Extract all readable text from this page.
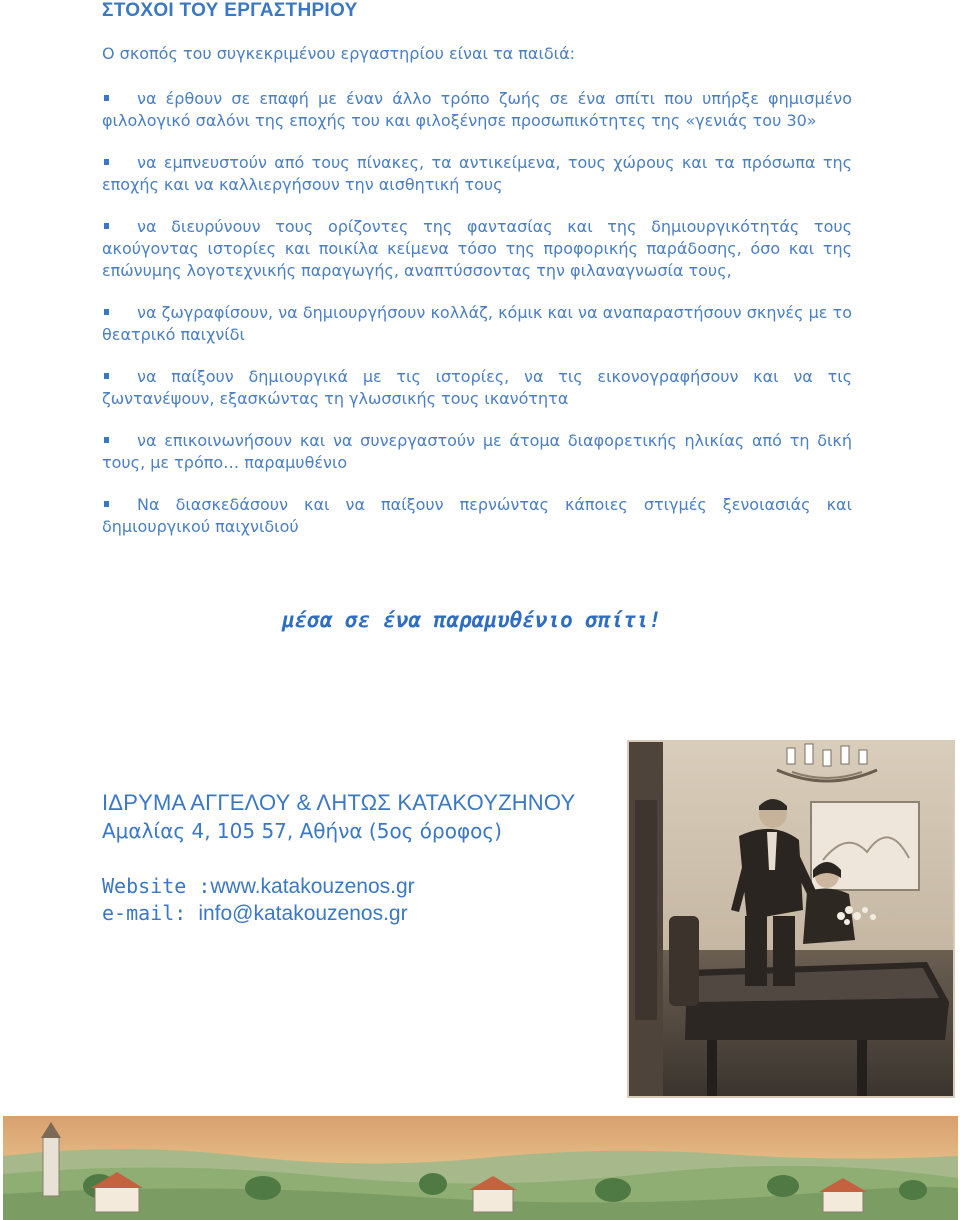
ΣΤΟΧΟΙ ΤΟΥ ΕΡΓΑΣΤΗΡΙΟΥ

Ο σκοπός του συγκεκριμένου εργαστηρίου είναι τα παιδιά:

να έρθουν σε επαφή με έναν άλλο τρόπο ζωής σε ένα σπίτι που υπήρξε φημισμένο φιλολογικό σαλόνι της εποχής του και φιλοξένησε προσωπικότητες της «γενιάς του 30»
να εμπνευστούν από τους πίνακες, τα αντικείμενα, τους χώρους και τα πρόσωπα της εποχής και να καλλιεργήσουν την αισθητική τους
να διευρύνουν τους ορίζοντες της φαντασίας και της δημιουργικότητάς τους ακούγοντας ιστορίες και ποικίλα κείμενα τόσο της προφορικής παράδοσης, όσο και της επώνυμης λογοτεχνικής παραγωγής, αναπτύσσοντας την φιλαναγνωσία τους,
να ζωγραφίσουν, να δημιουργήσουν κολλάζ, κόμικ και να αναπαραστήσουν σκηνές με το θεατρικό παιχνίδι
να παίξουν δημιουργικά με τις ιστορίες, να τις εικονογραφήσουν και να τις ζωντανέψουν, εξασκώντας τη γλωσσικής τους ικανότητα
να επικοινωνήσουν και να συνεργαστούν με άτομα διαφορετικής ηλικίας από τη δική τους, με τρόπο… παραμυθένιο
Να διασκεδάσουν και να παίξουν περνώντας κάποιες στιγμές ξενοιασιάς και δημιουργικού παιχνιδιού

μέσα σε ένα παραμυθένιο σπίτι!

ΙΔΡΥΜΑ ΑΓΓΕΛΟΥ & ΛΗΤΩΣ ΚΑΤΑΚΟΥΖΗΝΟΥ

Αμαλίας 4, 105 57, Αθήνα (5ος όροφος)

Website :www.katakouzenos.gr

e-mail: info@katakouzenos.gr
